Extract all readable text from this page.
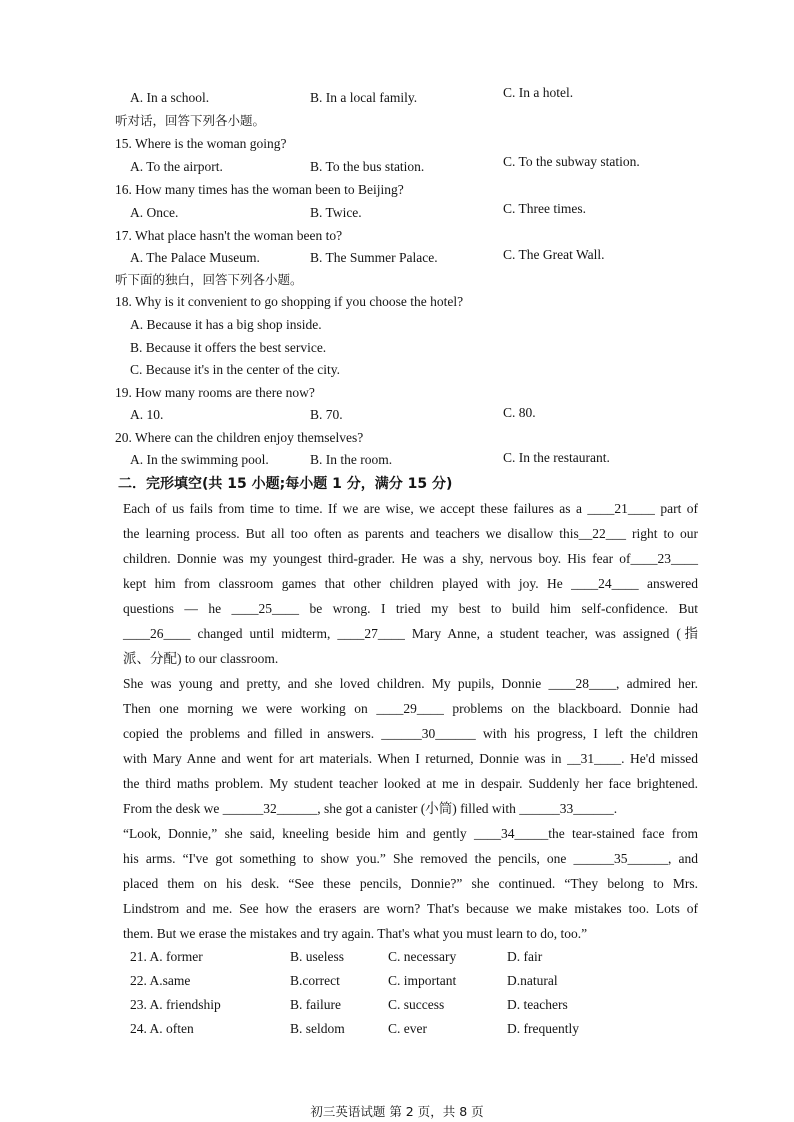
A. In a school.	B. In a local family.	C. In a hotel.
听对话，回答下列各小题。
15. Where is the woman going?
A. To the airport.	B. To the bus station.	C. To the subway station.
16. How many times has the woman been to Beijing?
A. Once.	B. Twice.	C. Three times.
17. What place hasn't the woman been to?
A. The Palace Museum.	B. The Summer Palace.	C. The Great Wall.
听下面的独白，回答下列各小题。
18. Why is it convenient to go shopping if you choose the hotel?
A. Because it has a big shop inside.
B. Because it offers the best service.
C. Because it's in the center of the city.
19. How many rooms are there now?
A. 10.	B. 70.	C. 80.
20. Where can the children enjoy themselves?
A. In the swimming pool.	B. In the room.	C. In the restaurant.
二．完形填空(共 15 小题;每小题 1 分，满分 15 分)
Each of us fails from time to time. If we are wise, we accept these failures as a ____21____ part of
the learning process. But all too often as parents and teachers we disallow this__22___ right to our
children. Donnie was my youngest third-grader. He was a shy, nervous boy. His fear of____23____
kept him from classroom games that other children played with joy. He ____24____ answered
questions — he ____25____ be wrong. I tried my best to build him self-confidence. But
____26____ changed until midterm, ____27____ Mary Anne, a student teacher, was assigned (指
派、分配) to our classroom.
She was young and pretty, and she loved children. My pupils, Donnie ____28____, admired her.
Then one morning we were working on ____29____ problems on the blackboard. Donnie had
copied the problems and filled in answers. ______30______ with his progress, I left the children
with Mary Anne and went for art materials. When I returned, Donnie was in __31____. He'd missed
the third maths problem. My student teacher looked at me in despair. Suddenly her face brightened.
From the desk we ______32______, she got a canister (小筒) filled with ______33______.
“Look, Donnie,” she said, kneeling beside him and gently ____34_____the tear-stained face from
his arms. “I've got something to show you.” She removed the pencils, one ______35______, and
placed them on his desk. “See these pencils, Donnie?” she continued. “They belong to Mrs.
Lindstrom and me. See how the erasers are worn? That's because we make mistakes too. Lots of
them. But we erase the mistakes and try again. That's what you must learn to do, too.”
21. A. former	B. useless	C. necessary	D. fair
22. A.same	B.correct	C. important	D.natural
23. A. friendship	B. failure	C. success	D. teachers
24. A. often	B. seldom	C. ever	D. frequently
初三英语试题 第 2 页，共 8 页
